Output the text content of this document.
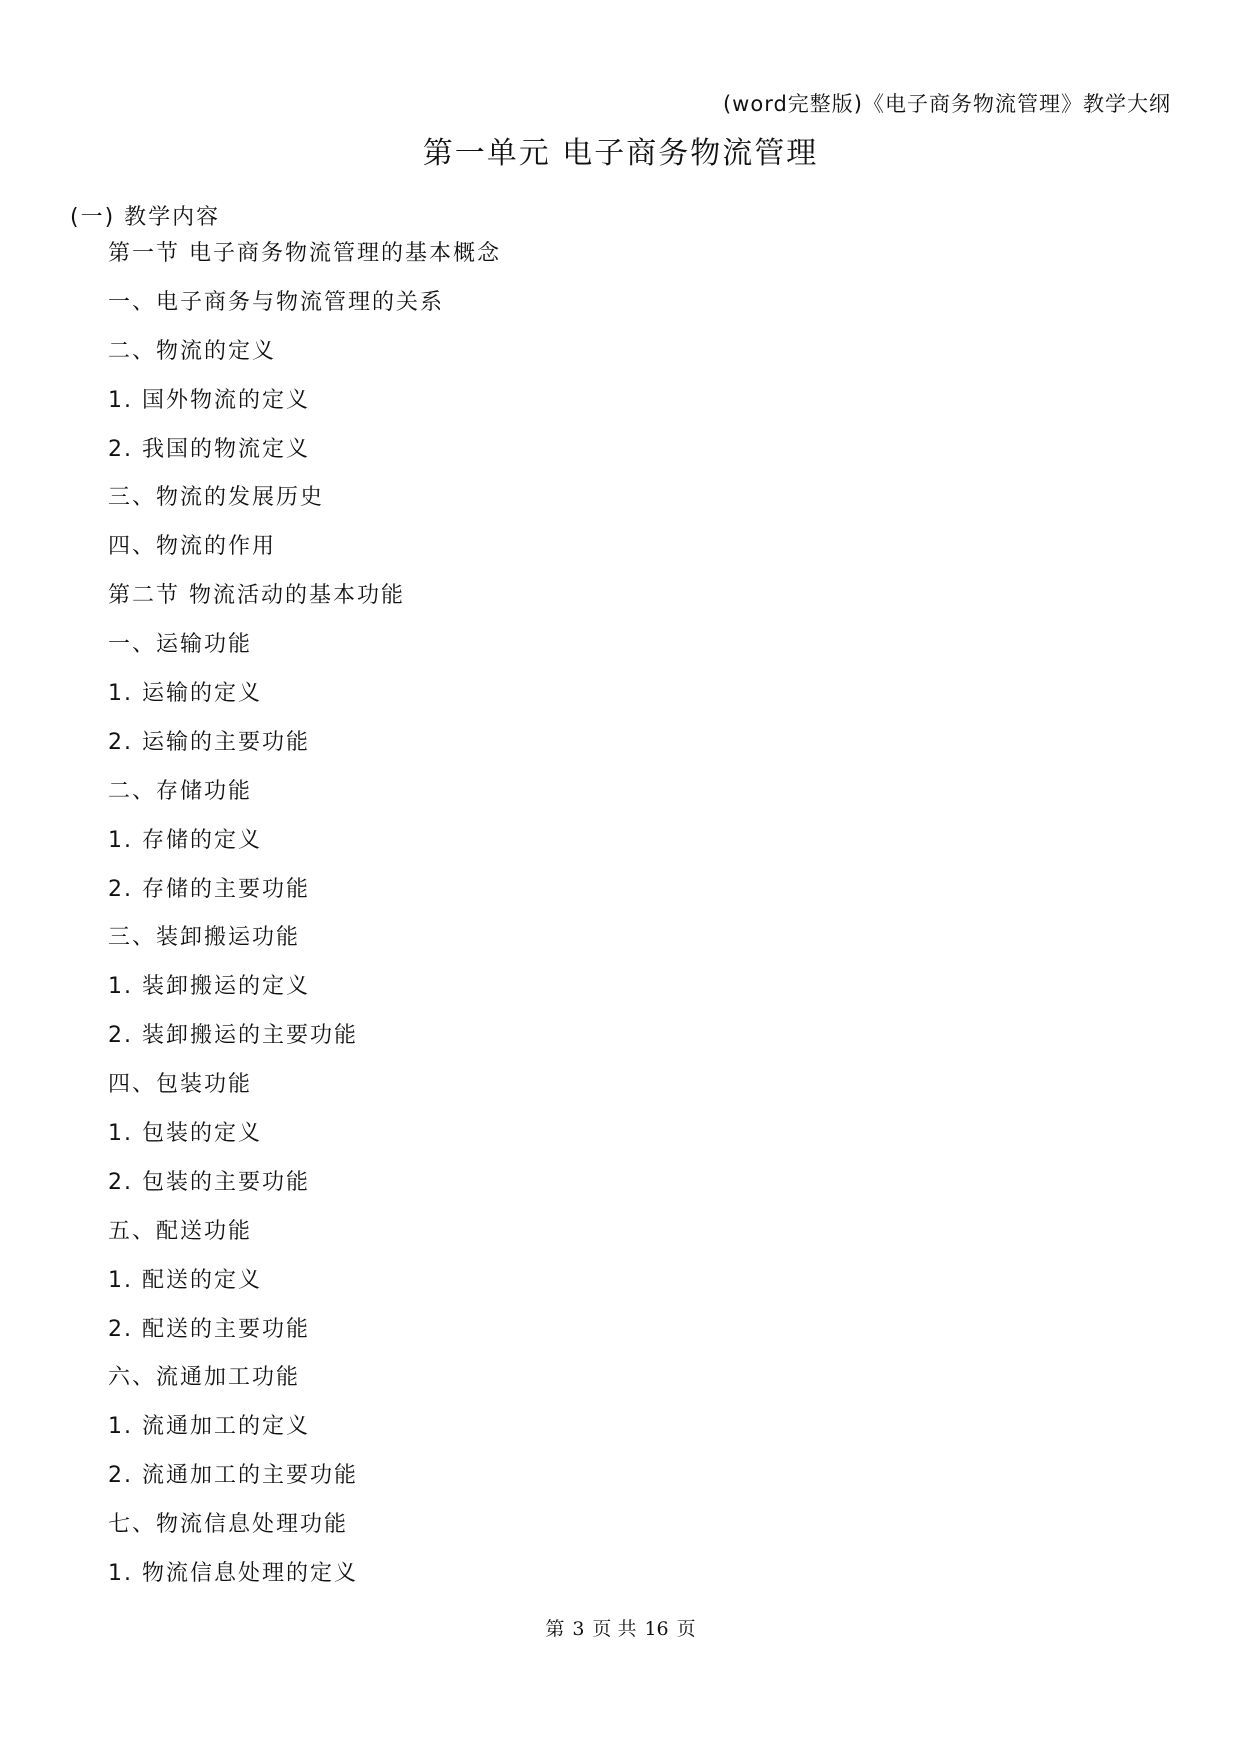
(word完整版)《电子商务物流管理》教学大纲
第一单元 电子商务物流管理
(一) 教学内容
第一节 电子商务物流管理的基本概念
一、电子商务与物流管理的关系
二、物流的定义
1. 国外物流的定义
2. 我国的物流定义
三、物流的发展历史
四、物流的作用
第二节 物流活动的基本功能
一、运输功能
1. 运输的定义
2. 运输的主要功能
二、存储功能
1. 存储的定义
2. 存储的主要功能
三、装卸搬运功能
1. 装卸搬运的定义
2. 装卸搬运的主要功能
四、包装功能
1. 包装的定义
2. 包装的主要功能
五、配送功能
1. 配送的定义
2. 配送的主要功能
六、流通加工功能
1. 流通加工的定义
2. 流通加工的主要功能
七、物流信息处理功能
1. 物流信息处理的定义
第 3 页 共 16 页
